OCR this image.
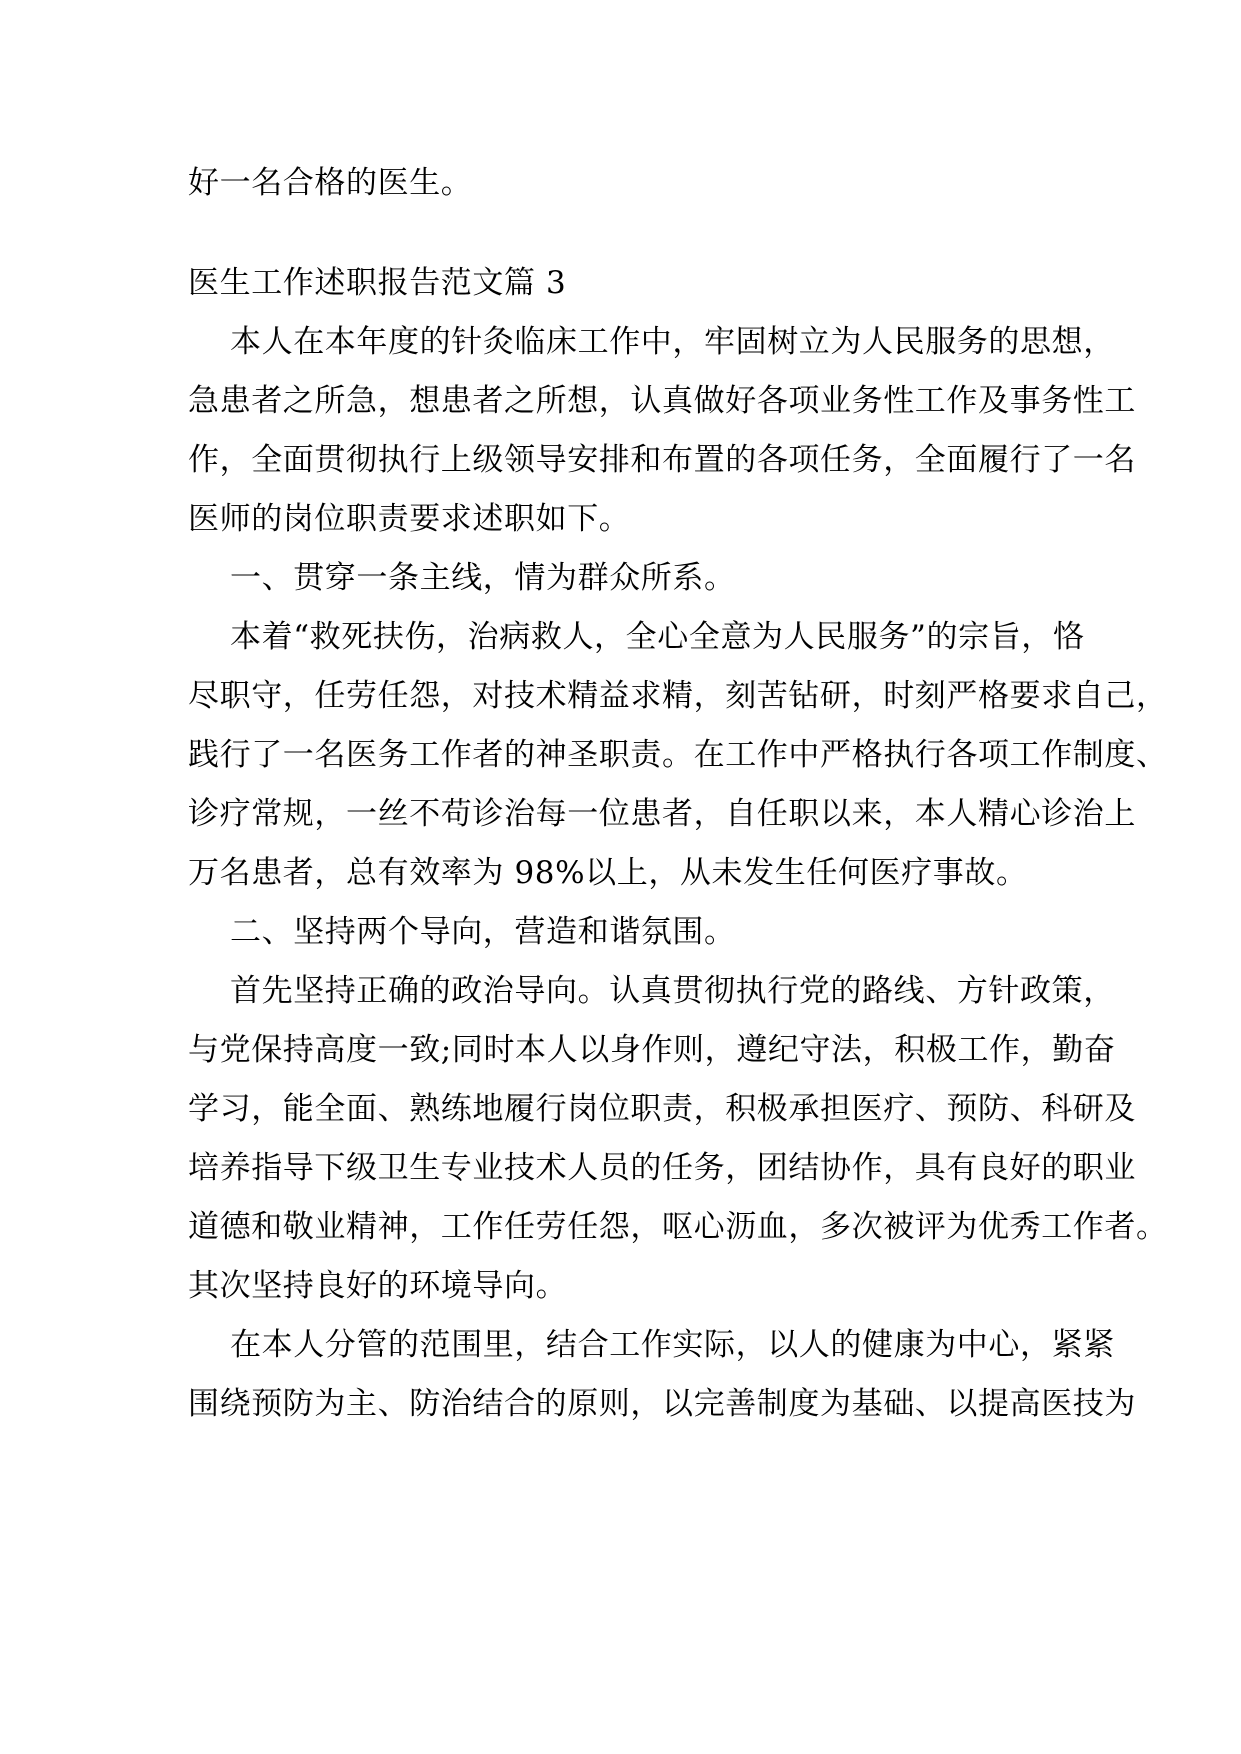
好一名合格的医生。
医生工作述职报告范文篇 3
本人在本年度的针灸临床工作中，牢固树立为人民服务的思想，
急患者之所急，想患者之所想，认真做好各项业务性工作及事务性工
作，全面贯彻执行上级领导安排和布置的各项任务，全面履行了一名
医师的岗位职责要求述职如下。
一、贯穿一条主线，情为群众所系。
本着“救死扶伤，治病救人，全心全意为人民服务”的宗旨，恪
尽职守，任劳任怨，对技术精益求精，刻苦钻研，时刻严格要求自己，
践行了一名医务工作者的神圣职责。在工作中严格执行各项工作制度、
诊疗常规，一丝不苟诊治每一位患者，自任职以来，本人精心诊治上
万名患者，总有效率为 98%以上，从未发生任何医疗事故。
二、坚持两个导向，营造和谐氛围。
首先坚持正确的政治导向。认真贯彻执行党的路线、方针政策，
与党保持高度一致;同时本人以身作则，遵纪守法，积极工作，勤奋
学习，能全面、熟练地履行岗位职责，积极承担医疗、预防、科研及
培养指导下级卫生专业技术人员的任务，团结协作，具有良好的职业
道德和敬业精神，工作任劳任怨，呕心沥血，多次被评为优秀工作者。
其次坚持良好的环境导向。
在本人分管的范围里，结合工作实际，以人的健康为中心，紧紧
围绕预防为主、防治结合的原则，以完善制度为基础、以提高医技为
